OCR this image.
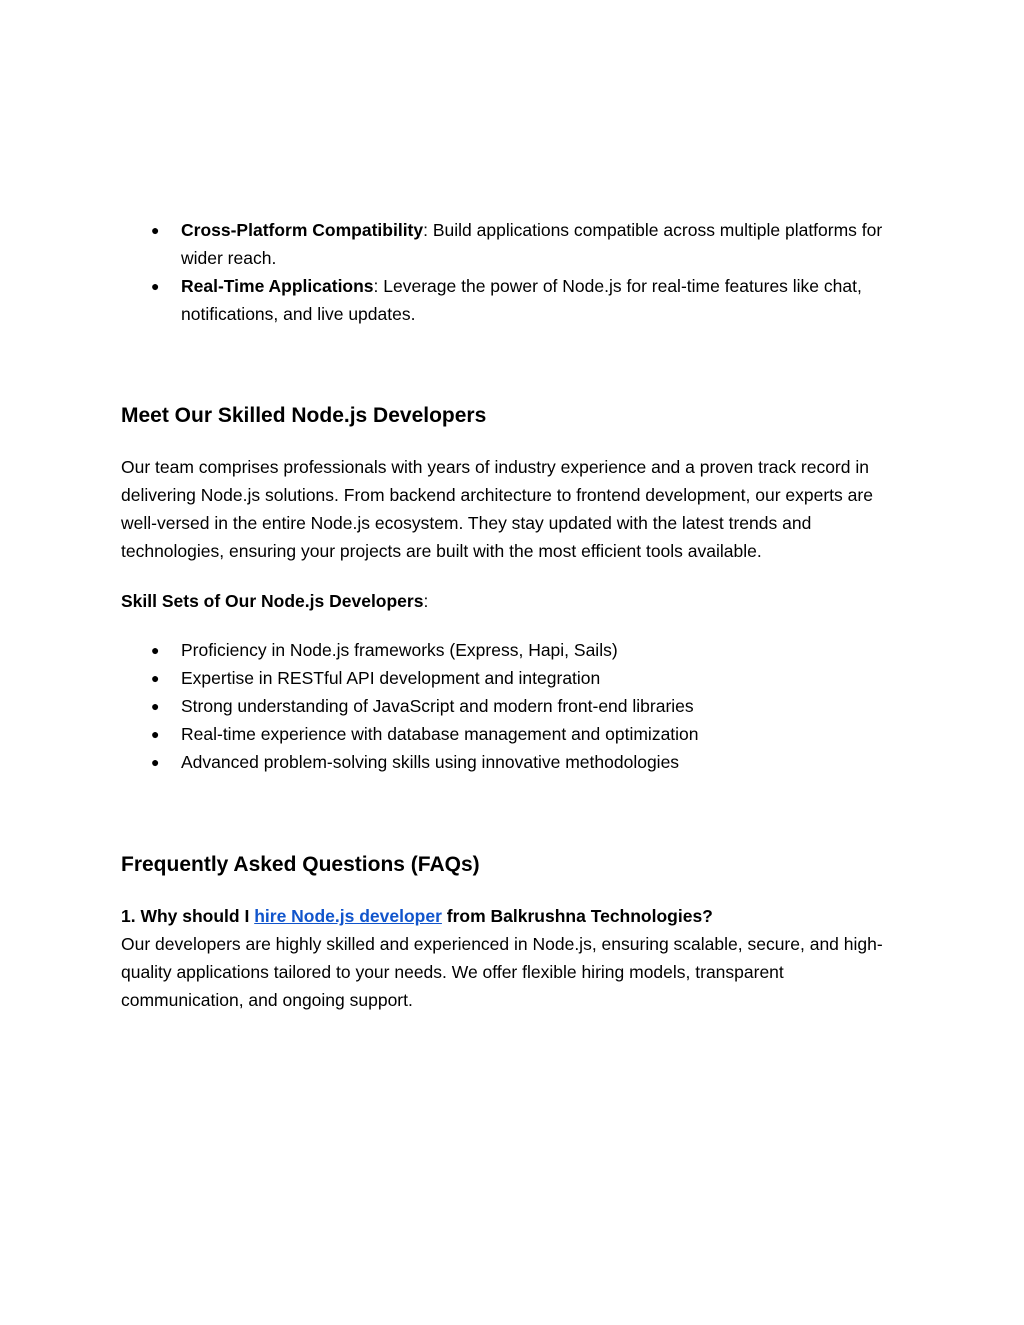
● Cross-Platform Compatibility: Build applications compatible across multiple platforms for wider reach.
● Real-Time Applications: Leverage the power of Node.js for real-time features like chat, notifications, and live updates.
Meet Our Skilled Node.js Developers

Our team comprises professionals with years of industry experience and a proven track record in delivering Node.js solutions. From backend architecture to frontend development, our experts are well-versed in the entire Node.js ecosystem. They stay updated with the latest trends and technologies, ensuring your projects are built with the most efficient tools available.

Skill Sets of Our Node.js Developers:

● Proficiency in Node.js frameworks (Express, Hapi, Sails)
● Expertise in RESTful API development and integration
● Strong understanding of JavaScript and modern front-end libraries
● Real-time experience with database management and optimization
● Advanced problem-solving skills using innovative methodologies
Frequently Asked Questions (FAQs)

1. Why should I hire Node.js developer from Balkrushna Technologies?

Our developers are highly skilled and experienced in Node.js, ensuring scalable, secure, and high-quality applications tailored to your needs. We offer flexible hiring models, transparent communication, and ongoing support.
